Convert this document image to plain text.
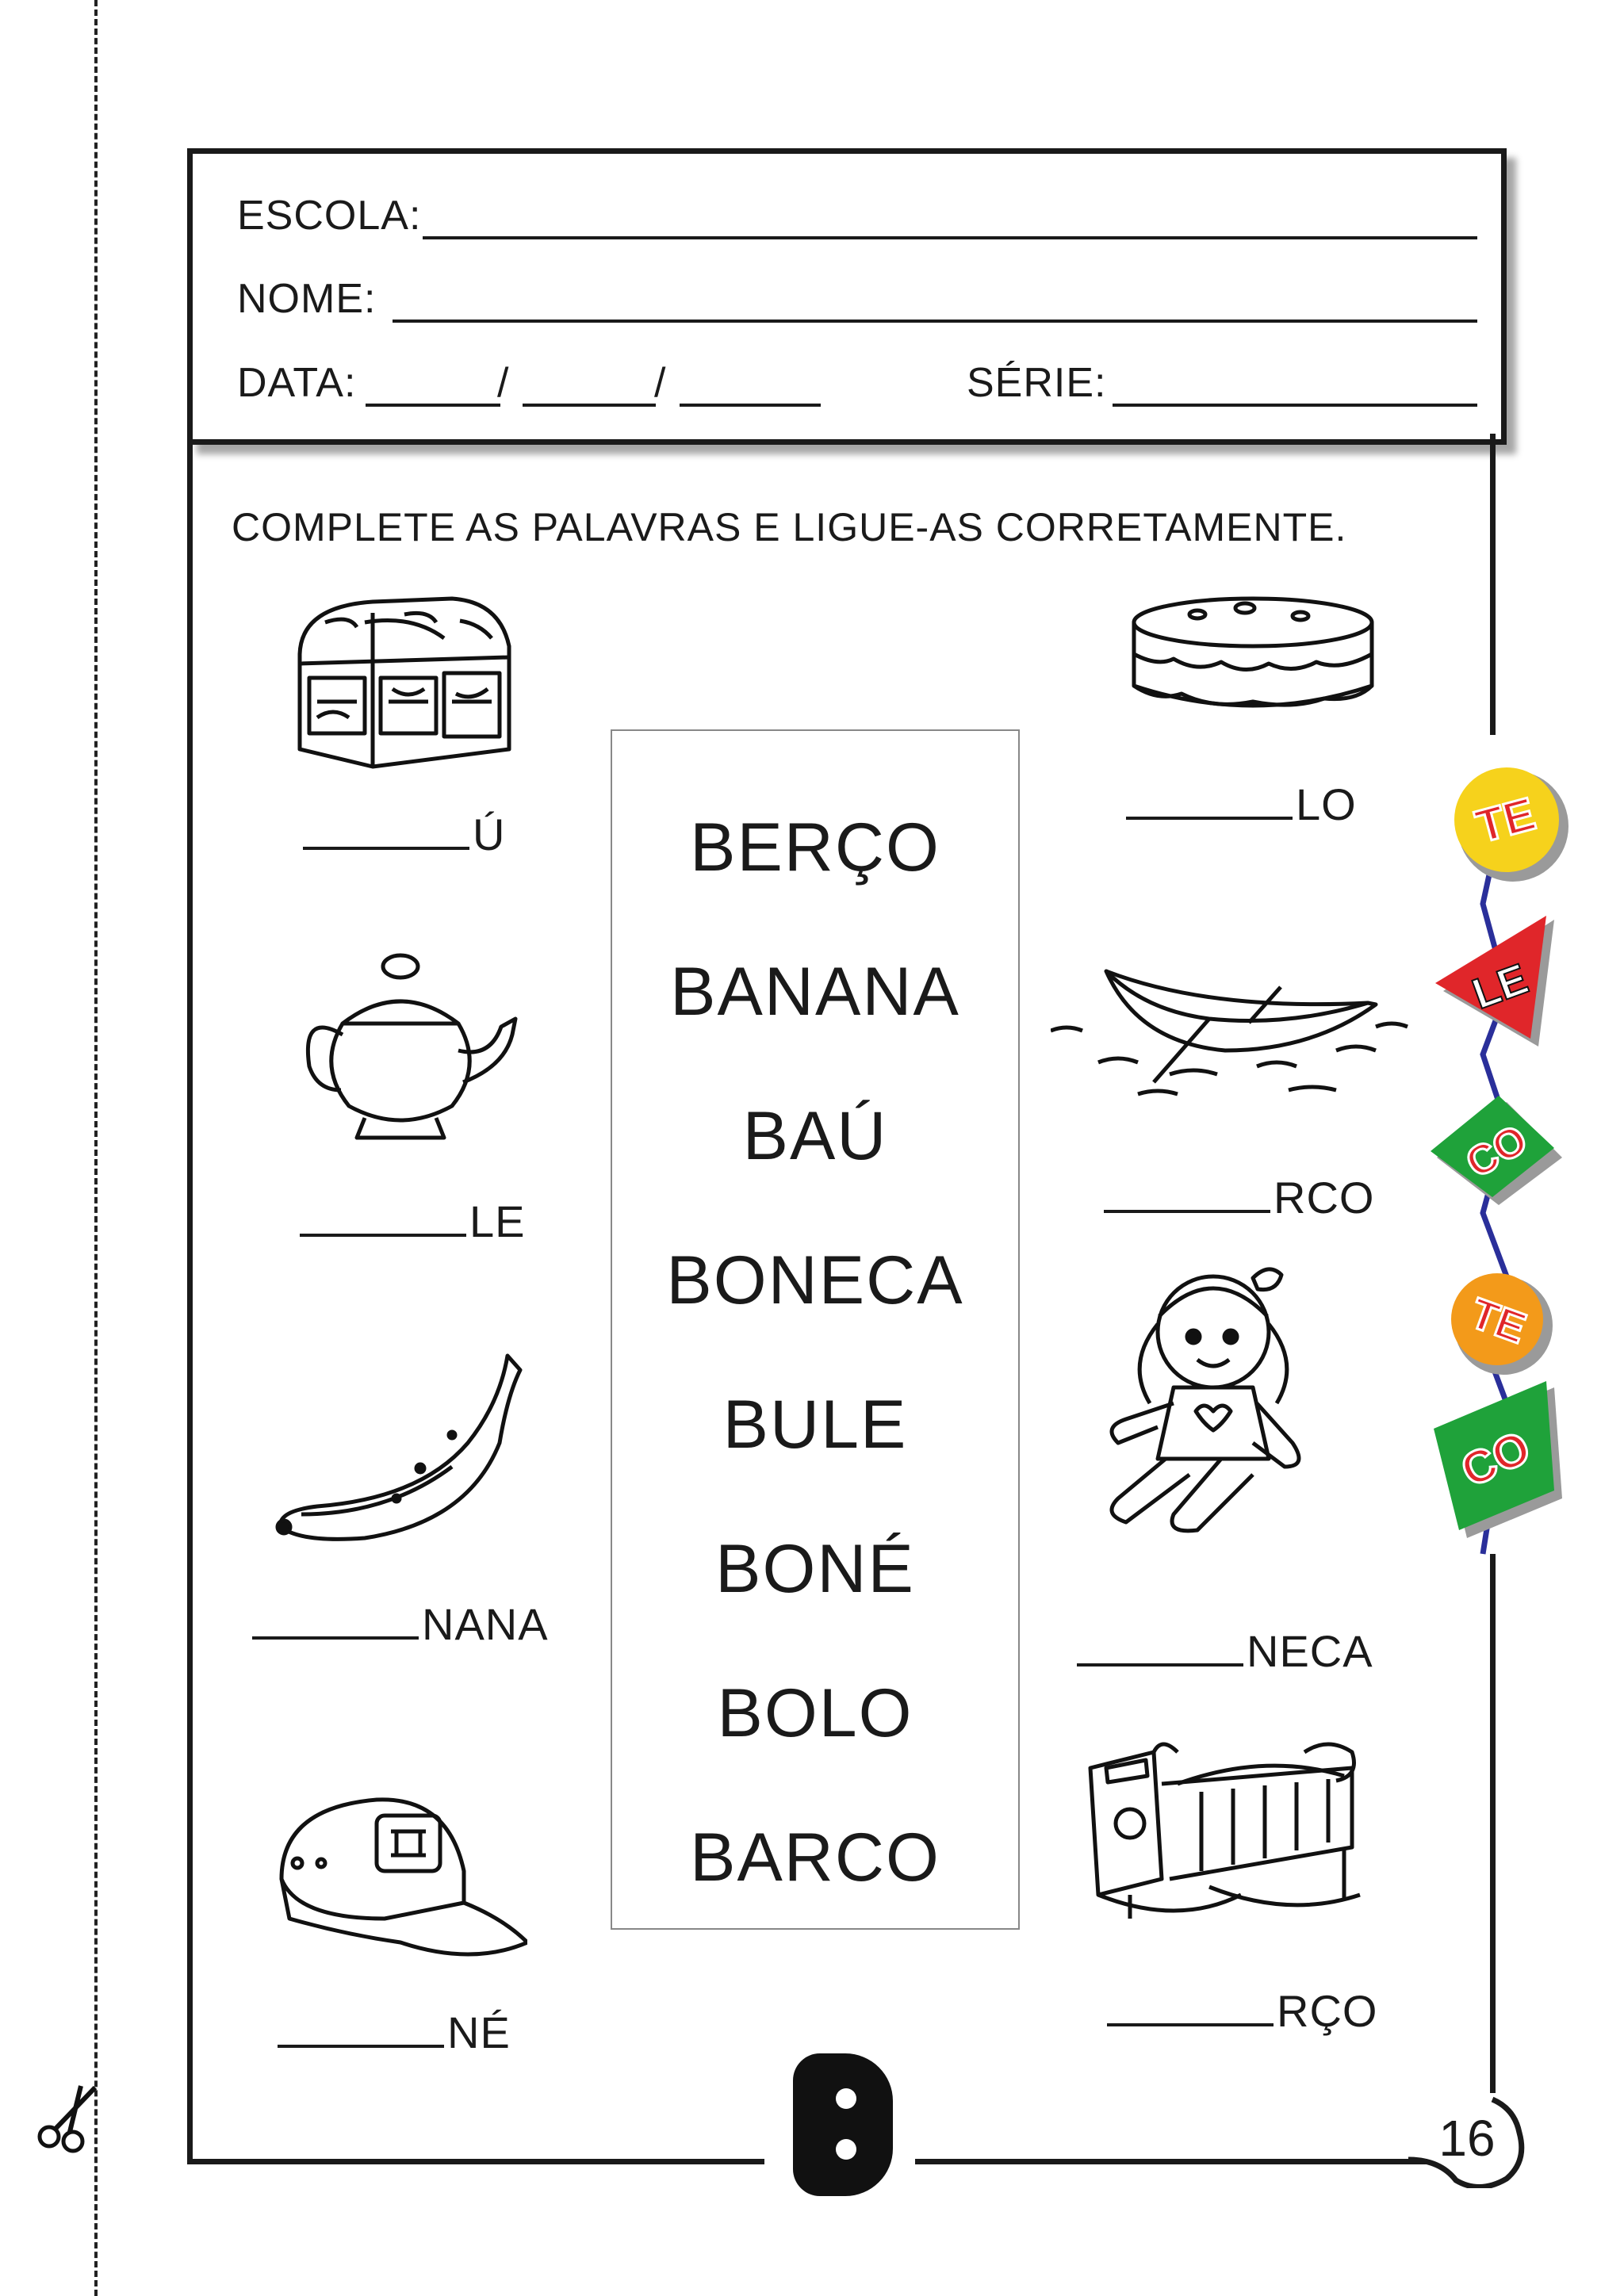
ESCOLA:
NOME:
DATA:	/	/	SÉRIE:
COMPLETE AS PALAVRAS E LIGUE-AS CORRETAMENTE.
BERÇO
BANANA
BAÚ
BONECA
BULE
BONÉ
BOLO
BARCO
Ú
LE
NANA
NÉ
LO
RCO
NECA
RÇO
TE
LE
CO
TE
CO
16
